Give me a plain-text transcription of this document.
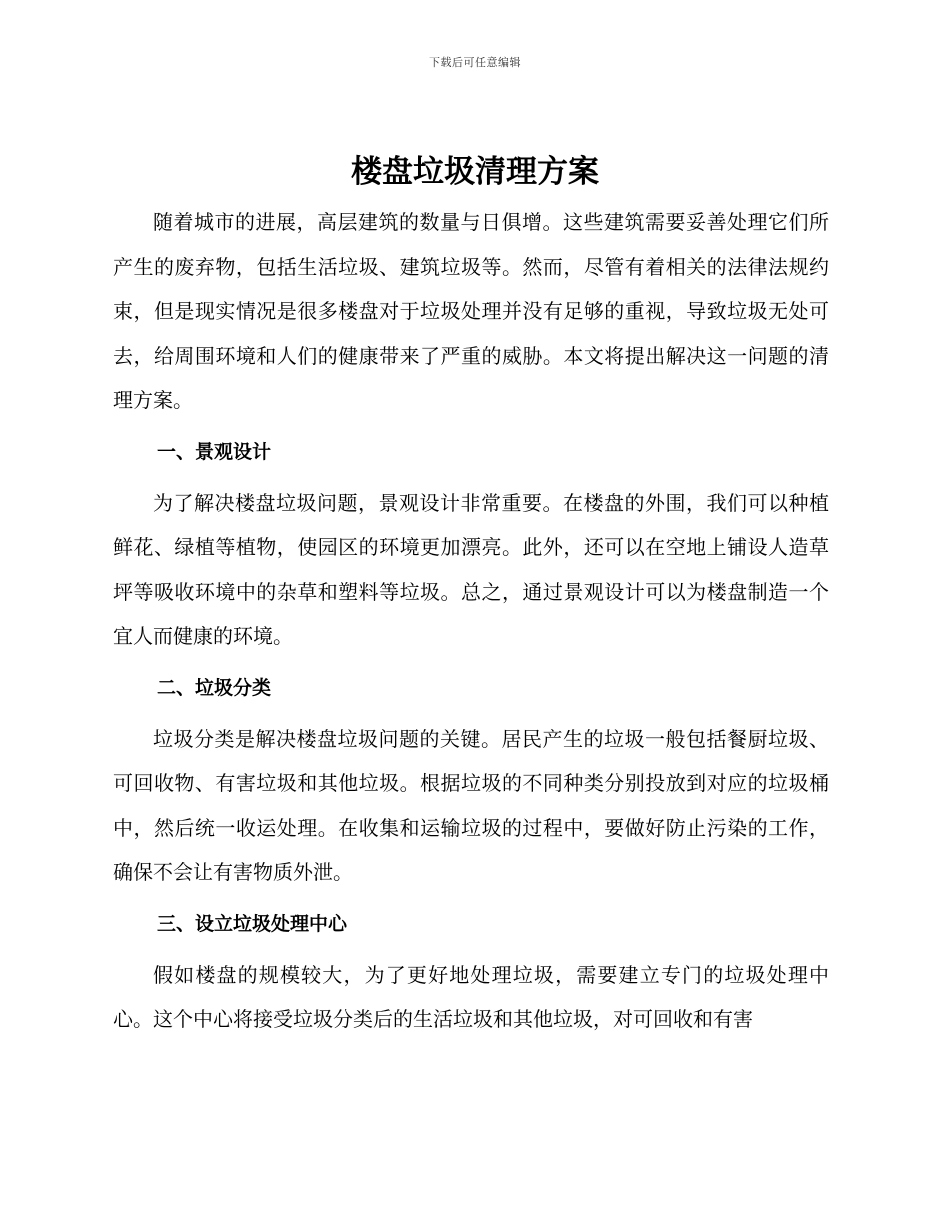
下载后可任意编辑
楼盘垃圾清理方案

随着城市的进展，高层建筑的数量与日俱增。这些建筑需要妥善处理它们所产生的废弃物，包括生活垃圾、建筑垃圾等。然而，尽管有着相关的法律法规约束，但是现实情况是很多楼盘对于垃圾处理并没有足够的重视，导致垃圾无处可去，给周围环境和人们的健康带来了严重的威胁。本文将提出解决这一问题的清理方案。

一、景观设计

为了解决楼盘垃圾问题，景观设计非常重要。在楼盘的外围，我们可以种植鲜花、绿植等植物，使园区的环境更加漂亮。此外，还可以在空地上铺设人造草坪等吸收环境中的杂草和塑料等垃圾。总之，通过景观设计可以为楼盘制造一个宜人而健康的环境。

二、垃圾分类

垃圾分类是解决楼盘垃圾问题的关键。居民产生的垃圾一般包括餐厨垃圾、可回收物、有害垃圾和其他垃圾。根据垃圾的不同种类分别投放到对应的垃圾桶中，然后统一收运处理。在收集和运输垃圾的过程中，要做好防止污染的工作，确保不会让有害物质外泄。

三、设立垃圾处理中心

假如楼盘的规模较大，为了更好地处理垃圾，需要建立专门的垃圾处理中心。这个中心将接受垃圾分类后的生活垃圾和其他垃圾，对可回收和有害
